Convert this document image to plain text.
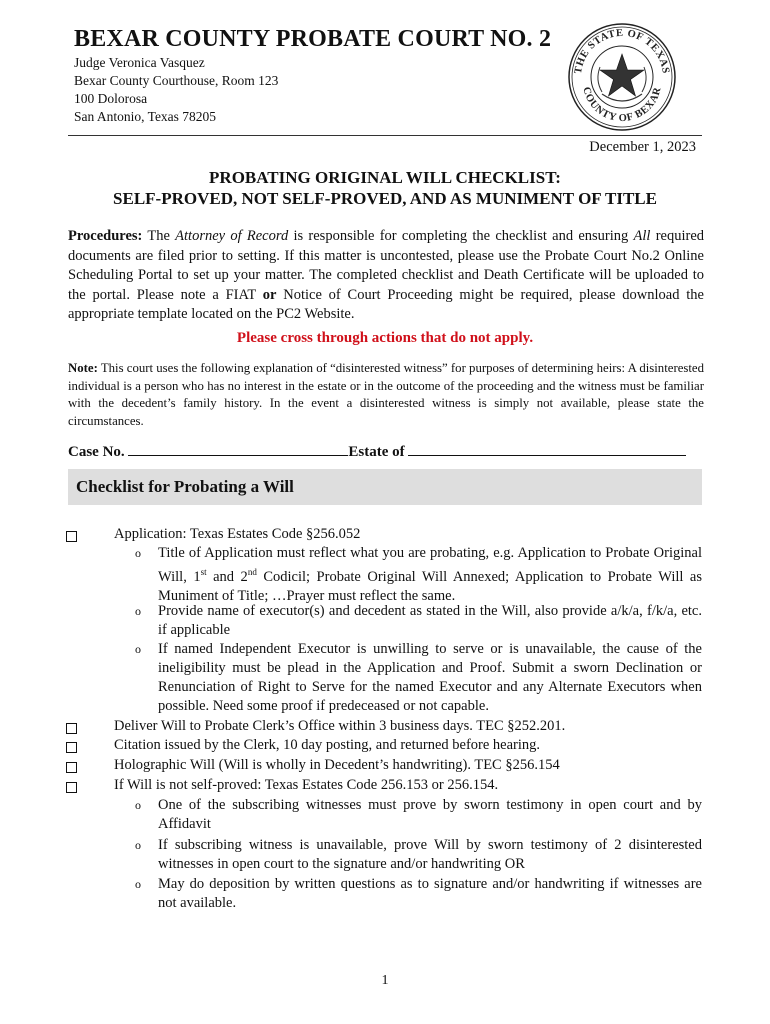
BEXAR COUNTY PROBATE COURT NO. 2
Judge Veronica Vasquez
Bexar County Courthouse, Room 123
100 Dolorosa
San Antonio, Texas 78205
THE STATE OF TEXAS
COUNTY OF BEXAR
December 1, 2023
PROBATING ORIGINAL WILL CHECKLIST:
SELF-PROVED, NOT SELF-PROVED, AND AS MUNIMENT OF TITLE
Procedures: The Attorney of Record is responsible for completing the checklist and ensuring All required documents are filed prior to setting. If this matter is uncontested, please use the Probate Court No.2 Online Scheduling Portal to set up your matter. The completed checklist and Death Certificate will be uploaded to the portal. Please note a FIAT or Notice of Court Proceeding might be required, please download the appropriate template located on the PC2 Website.
Please cross through actions that do not apply.
Note: This court uses the following explanation of “disinterested witness” for purposes of determining heirs: A disinterested individual is a person who has no interest in the estate or in the outcome of the proceeding and the witness must be familiar with the decedent’s family history. In the event a disinterested witness is simply not available, please state the circumstances.
Case No.	Estate of
Checklist for Probating a Will
Application: Texas Estates Code §256.052
o Title of Application must reflect what you are probating, e.g. Application to Probate Original Will, 1st and 2nd Codicil; Probate Original Will Annexed; Application to Probate Will as Muniment of Title; …Prayer must reflect the same.
o Provide name of executor(s) and decedent as stated in the Will, also provide a/k/a, f/k/a, etc. if applicable
o If named Independent Executor is unwilling to serve or is unavailable, the cause of the ineligibility must be plead in the Application and Proof. Submit a sworn Declination or Renunciation of Right to Serve for the named Executor and any Alternate Executors when possible. Need some proof if predeceased or not capable.
Deliver Will to Probate Clerk’s Office within 3 business days. TEC §252.201.
Citation issued by the Clerk, 10 day posting, and returned before hearing.
Holographic Will (Will is wholly in Decedent’s handwriting). TEC §256.154
If Will is not self-proved: Texas Estates Code 256.153 or 256.154.
o One of the subscribing witnesses must prove by sworn testimony in open court and by Affidavit
o If subscribing witness is unavailable, prove Will by sworn testimony of 2 disinterested witnesses in open court to the signature and/or handwriting OR
o May do deposition by written questions as to signature and/or handwriting if witnesses are not available.
1
